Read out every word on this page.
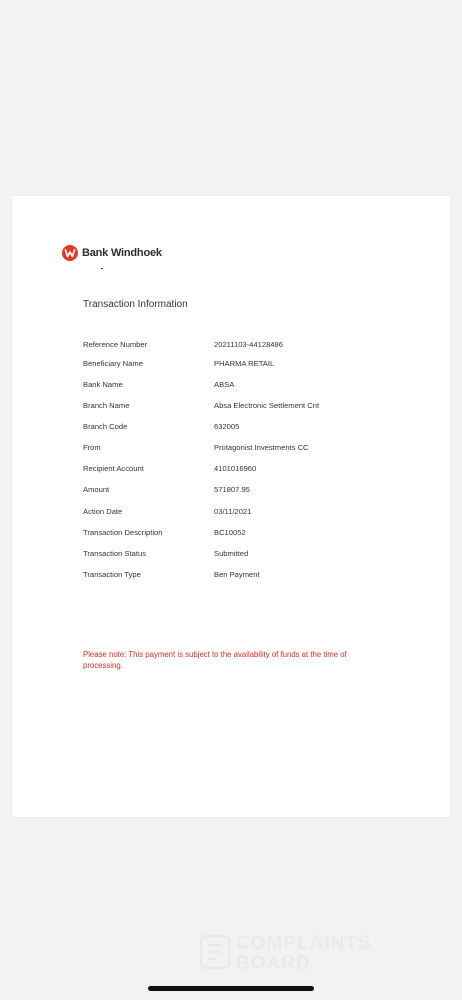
Bank Windhoek
Transaction Information
Reference Number	20211103-44128486
Beneficiary Name	PHARMA RETAIL
Bank Name	ABSA
Branch Name	Absa Electronic Settlement Cnt
Branch Code	632005
From	Protagonist Investments CC
Recipient Account	4101016960
Amount	571807.95
Action Date	03/11/2021
Transaction Description	BC10052
Transaction Status	Submitted
Transaction Type	Ben Payment
Please note: This payment is subject to the availability of funds at the time of processing.
COMPLAINTS
BOARD
